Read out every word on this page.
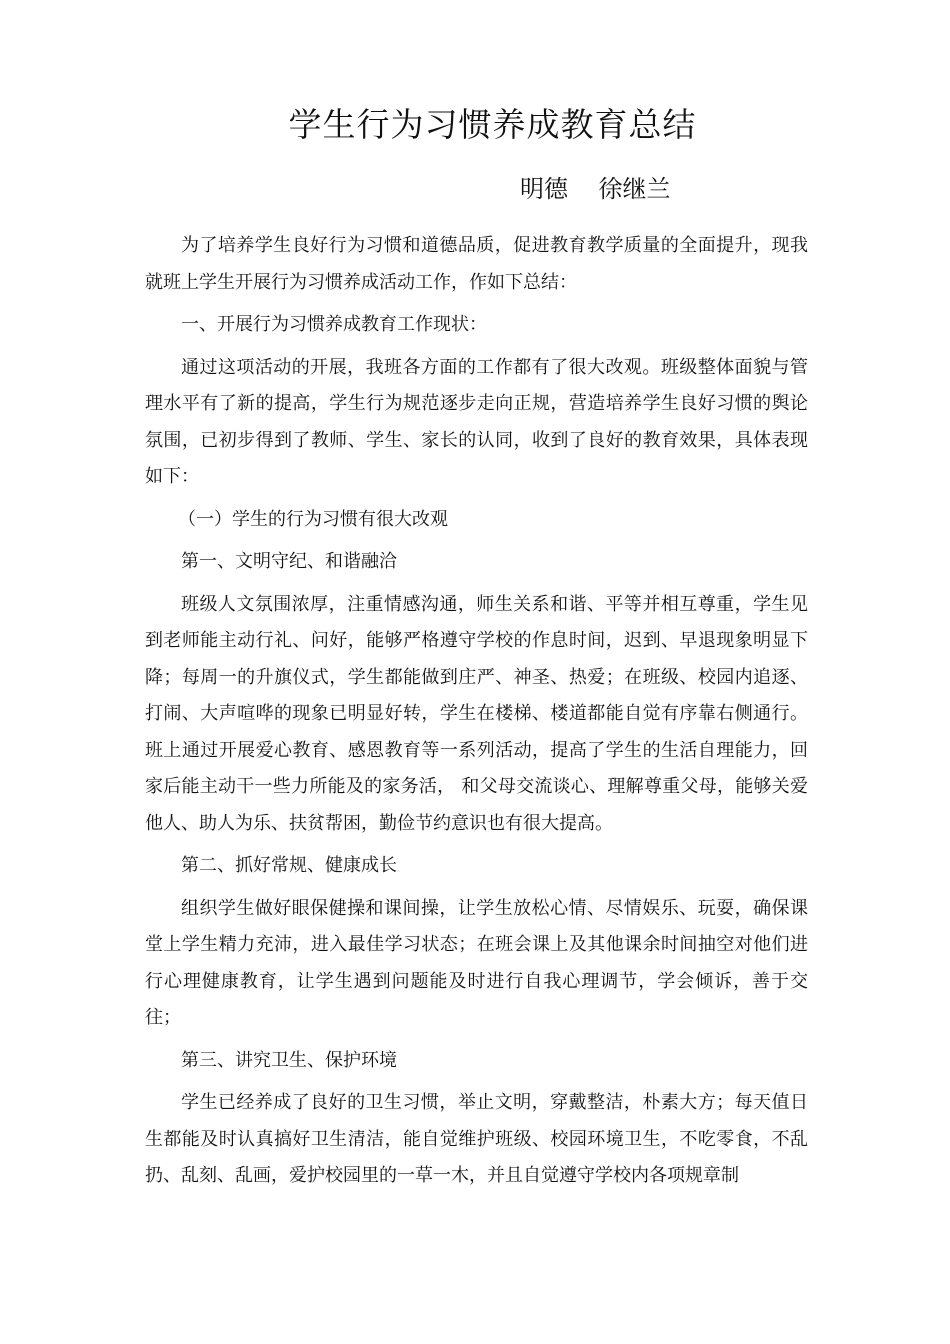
学生行为习惯养成教育总结

明德    徐继兰

为了培养学生良好行为习惯和道德品质，促进教育教学质量的全面提升，现我就班上学生开展行为习惯养成活动工作，作如下总结：

一、开展行为习惯养成教育工作现状：

通过这项活动的开展，我班各方面的工作都有了很大改观。班级整体面貌与管理水平有了新的提高，学生行为规范逐步走向正规，营造培养学生良好习惯的舆论氛围，已初步得到了教师、学生、家长的认同，收到了良好的教育效果，具体表现如下：

（一）学生的行为习惯有很大改观

第一、文明守纪、和谐融洽

班级人文氛围浓厚，注重情感沟通，师生关系和谐、平等并相互尊重，学生见到老师能主动行礼、问好，能够严格遵守学校的作息时间，迟到、早退现象明显下降；每周一的升旗仪式，学生都能做到庄严、神圣、热爱；在班级、校园内追逐、打闹、大声喧哗的现象已明显好转，学生在楼梯、楼道都能自觉有序靠右侧通行。班上通过开展爱心教育、感恩教育等一系列活动，提高了学生的生活自理能力，回家后能主动干一些力所能及的家务活， 和父母交流谈心、理解尊重父母，能够关爱他人、助人为乐、扶贫帮困，勤俭节约意识也有很大提高。

第二、抓好常规、健康成长

组织学生做好眼保健操和课间操，让学生放松心情、尽情娱乐、玩耍，确保课堂上学生精力充沛，进入最佳学习状态；在班会课上及其他课余时间抽空对他们进行心理健康教育，让学生遇到问题能及时进行自我心理调节，学会倾诉，善于交往；

第三、讲究卫生、保护环境

学生已经养成了良好的卫生习惯，举止文明，穿戴整洁，朴素大方；每天值日生都能及时认真搞好卫生清洁，能自觉维护班级、校园环境卫生，不吃零食，不乱扔、乱刻、乱画，爱护校园里的一草一木，并且自觉遵守学校内各项规章制
